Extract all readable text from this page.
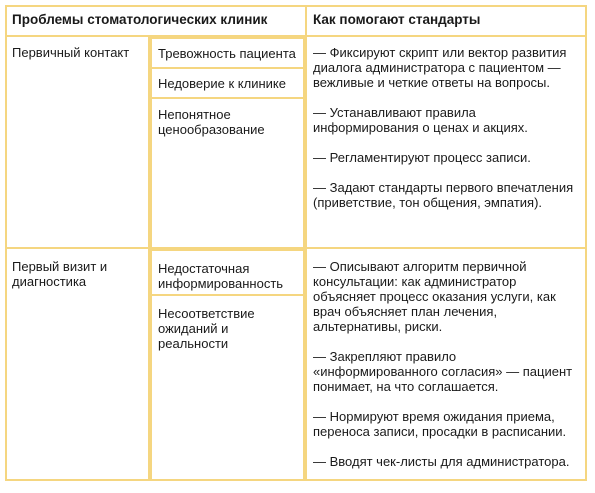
Проблемы стоматологических клиник	Как помогают стандарты
Первичный контакт	Тревожность пациента
Недоверие к клинике
Непонятное ценообразование

— Фиксируют скрипт или вектор развития диалога администратора с пациентом — вежливые и четкие ответы на вопросы.

— Устанавливают правила информирования о ценах и акциях.

— Регламентируют процесс записи.

— Задают стандарты первого впечатления (приветствие, тон общения, эмпатия).

Первый визит и диагностика
Недостаточная информированность
Несоответствие ожиданий и реальности

— Описывают алгоритм первичной консультации: как администратор объясняет процесс оказания услуги, как врач объясняет план лечения, альтернативы, риски.

— Закрепляют правило «информированного согласия» — пациент понимает, на что соглашается.

— Нормируют время ожидания приема, переноса записи, просадки в расписании.

— Вводят чек-листы для администратора.
